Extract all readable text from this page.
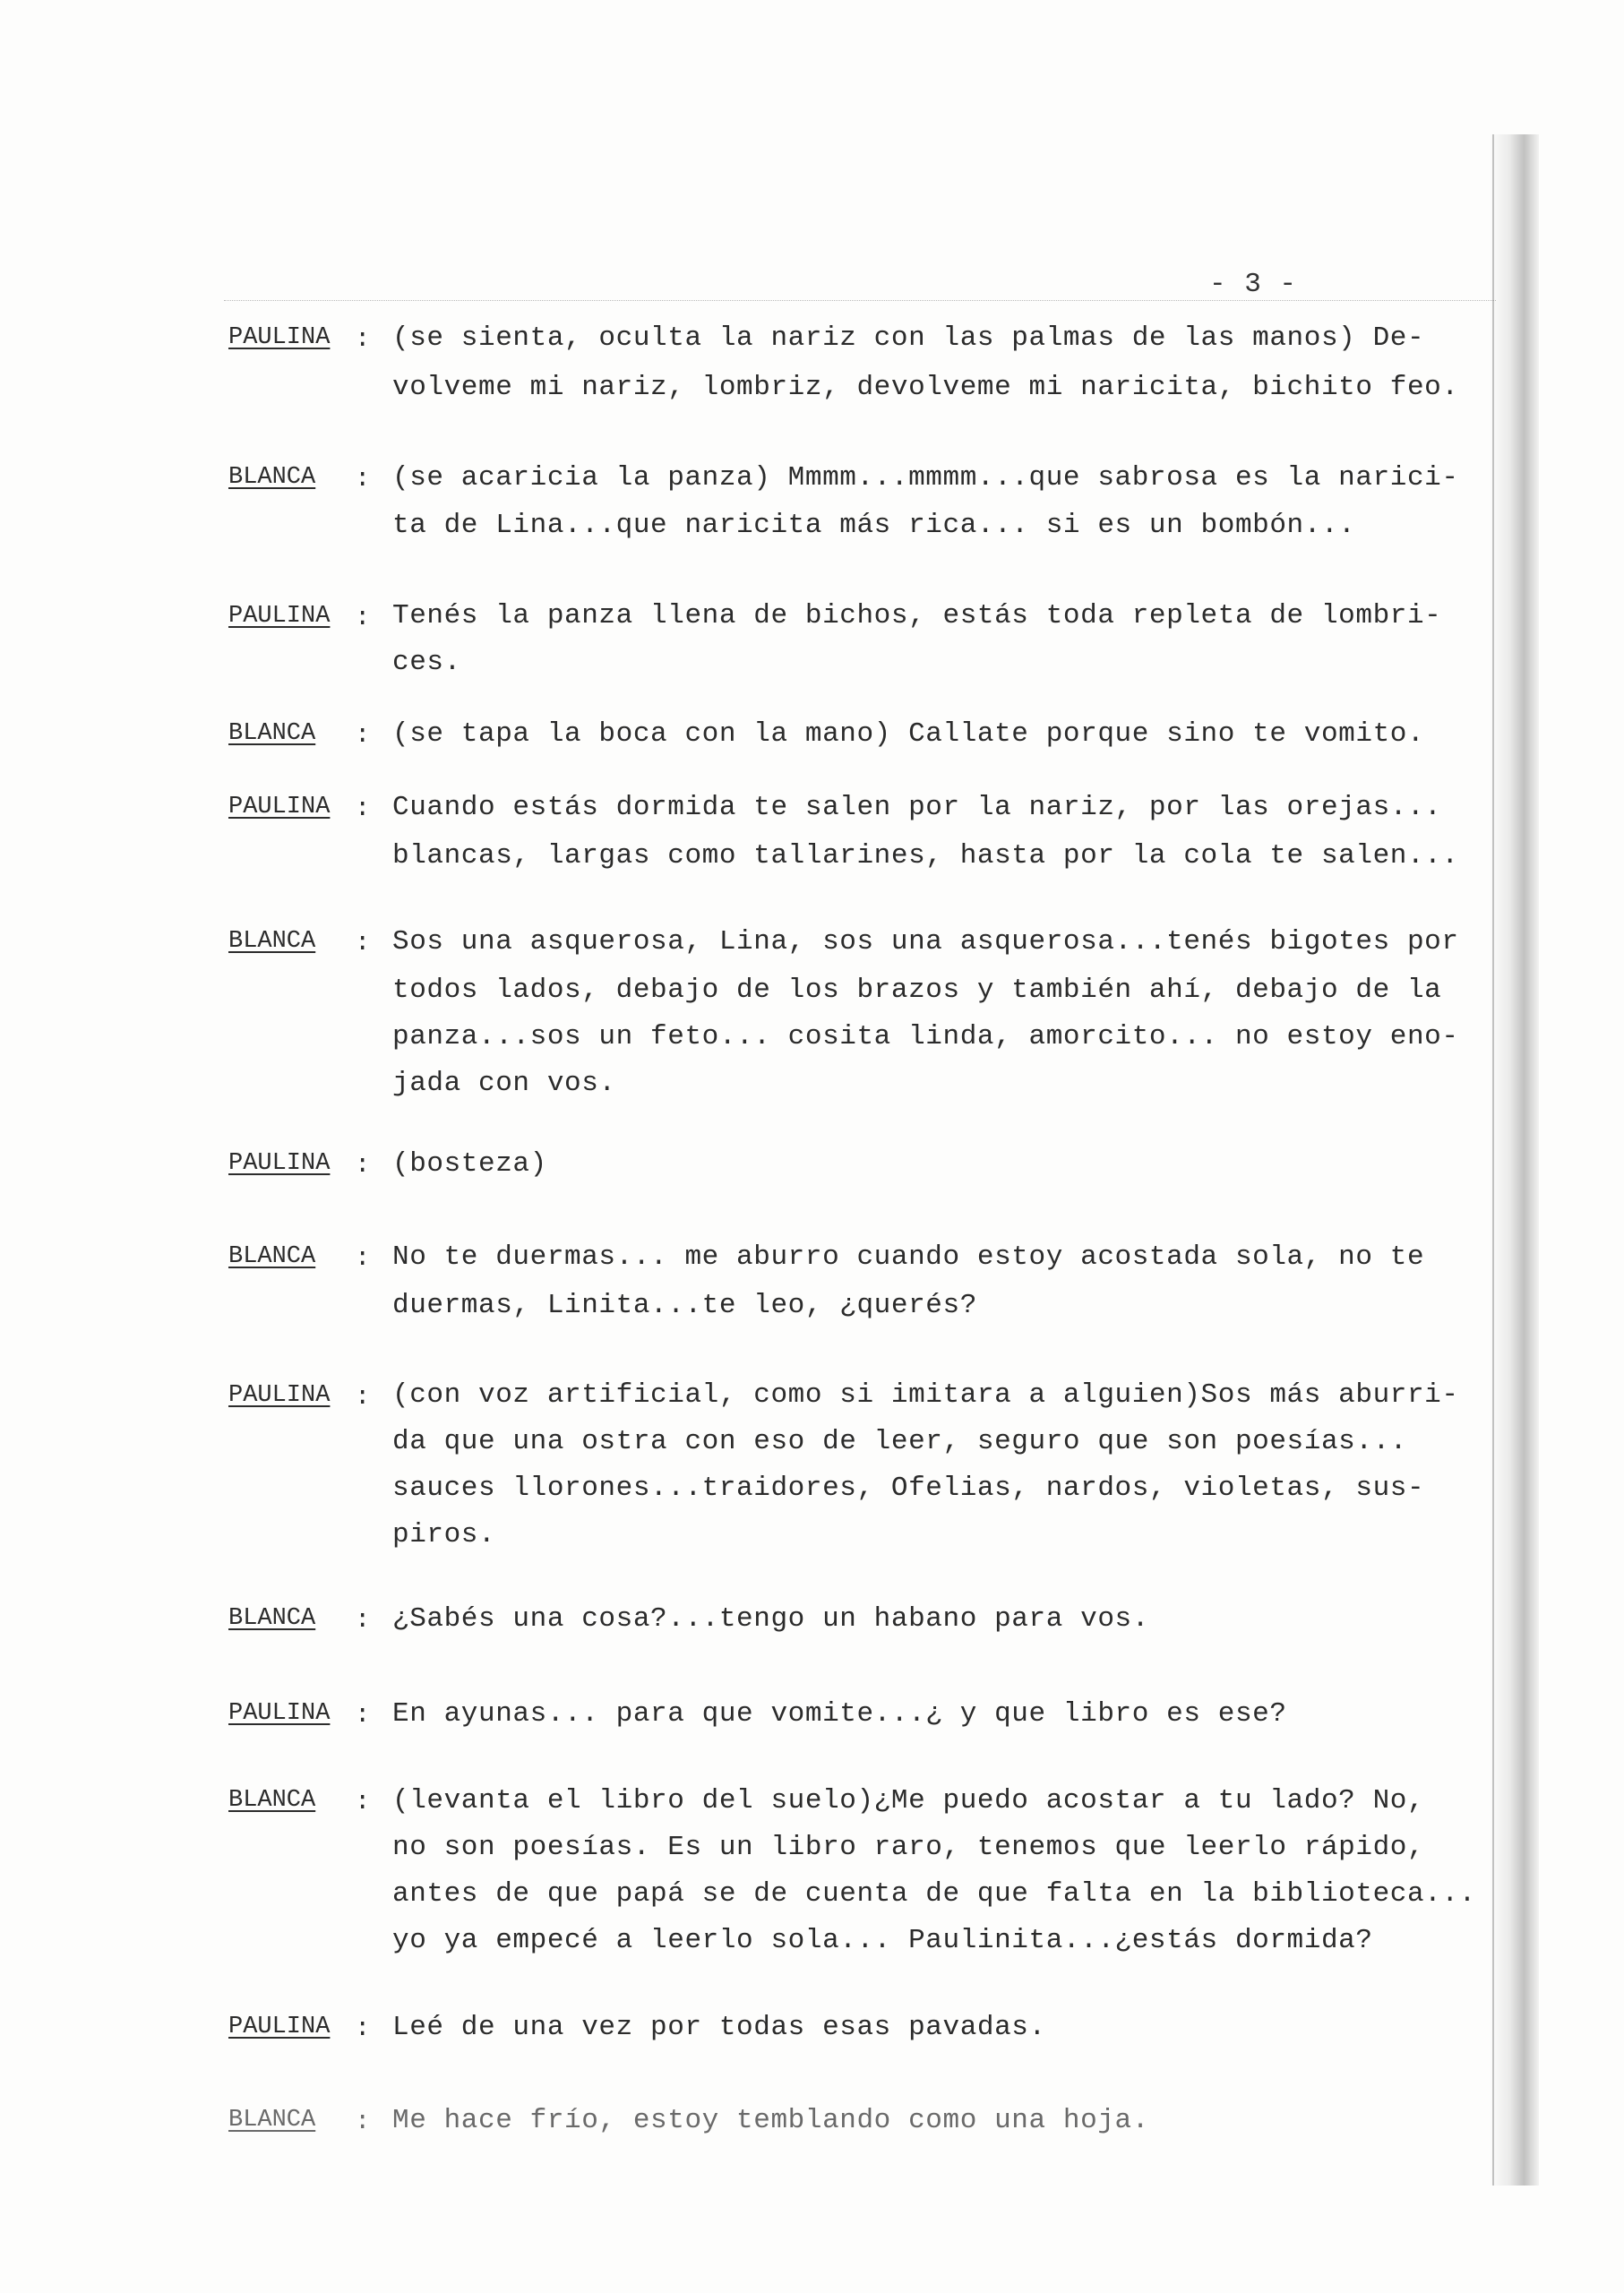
- 3 -
PAULINA : (se sienta, oculta la nariz con las palmas de las manos) De-
volveme mi nariz, lombriz, devolveme mi naricita, bichito feo.
BLANCA	: (se acaricia la panza) Mmmm...mmmm...que sabrosa es la narici-
ta de Lina...que naricita más rica... si es un bombón...
PAULINA : Tenés la panza llena de bichos, estás toda repleta de lombri-
ces.
BLANCA	: (se tapa la boca con la mano) Callate porque sino te vomito.
PAULINA : Cuando estás dormida te salen por la nariz, por las orejas...
blancas, largas como tallarines, hasta por la cola te salen...
BLANCA	: Sos una asquerosa, Lina, sos una asquerosa...tenés bigotes por
todos lados, debajo de los brazos y también ahí, debajo de la
panza...sos un feto... cosita linda, amorcito... no estoy eno-
jada con vos.
PAULINA : (bosteza)
BLANCA	: No te duermas... me aburro cuando estoy acostada sola, no te
duermas, Linita...te leo, ¿querés?
PAULINA : (con voz artificial, como si imitara a alguien)Sos más aburri-
da que una ostra con eso de leer, seguro que son poesías...
sauces llorones...traidores, Ofelias, nardos, violetas, sus-
piros.
BLANCA	: ¿Sabés una cosa?...tengo un habano para vos.
PAULINA : En ayunas... para que vomite...¿ y que libro es ese?
BLANCA	: (levanta el libro del suelo)¿Me puedo acostar a tu lado? No,
no son poesías. Es un libro raro, tenemos que leerlo rápido,
antes de que papá se de cuenta de que falta en la biblioteca...
yo ya empecé a leerlo sola... Paulinita...¿estás dormida?
PAULINA : Leé de una vez por todas esas pavadas.
BLANCA	: Me hace frío, estoy temblando como una hoja.
